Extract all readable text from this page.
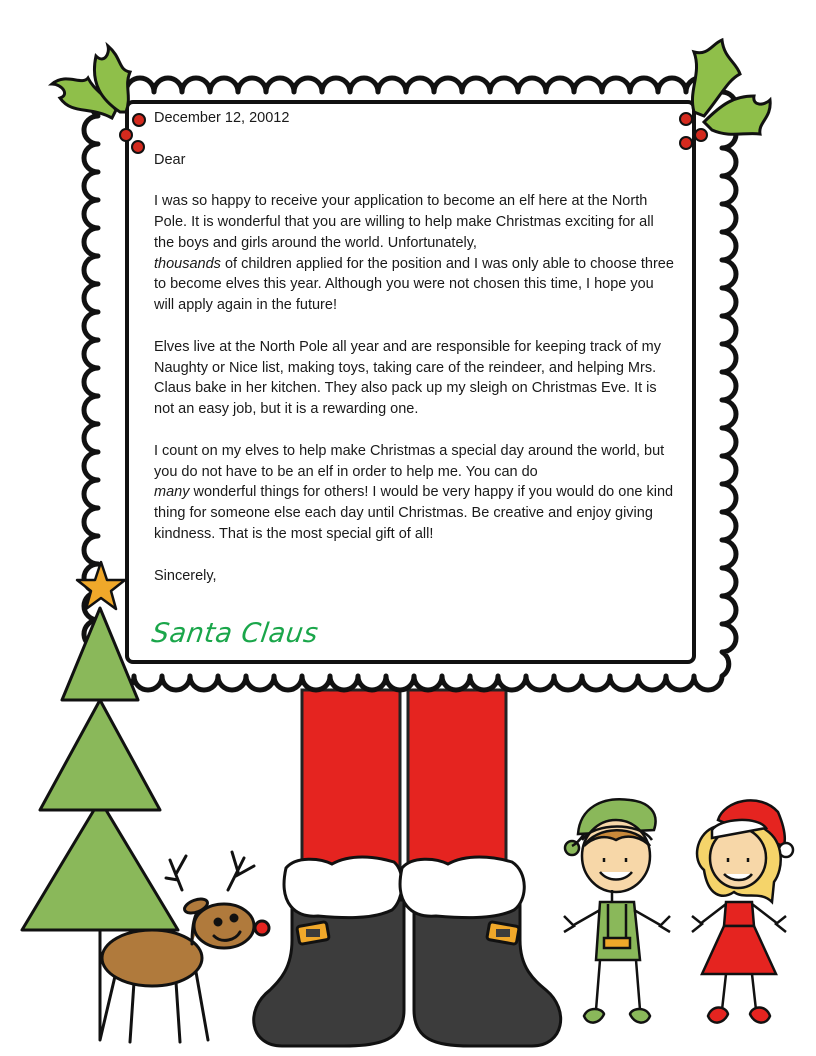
December 12, 20012

Dear

I was so happy to receive your application to become an elf here at the North Pole. It is wonderful that you are willing to help make Christmas exciting for all the boys and girls around the world. Unfortunately,
thousands of children applied for the position and I was only able to choose three to become elves this year. Although you were not chosen this time, I hope you will apply again in the future!

Elves live at the North Pole all year and are responsible for keeping track of my Naughty or Nice list, making toys, taking care of the reindeer, and helping Mrs. Claus bake in her kitchen. They also pack up my sleigh on Christmas Eve. It is not an easy job, but it is a rewarding one.

I count on my elves to help make Christmas a special day around the world, but you do not have to be an elf in order to help me. You can do
many wonderful things for others! I would be very happy if you would do one kind thing for someone else each day until Christmas. Be creative and enjoy giving kindness. That is the most special gift of all!

Sincerely,

Santa Claus
